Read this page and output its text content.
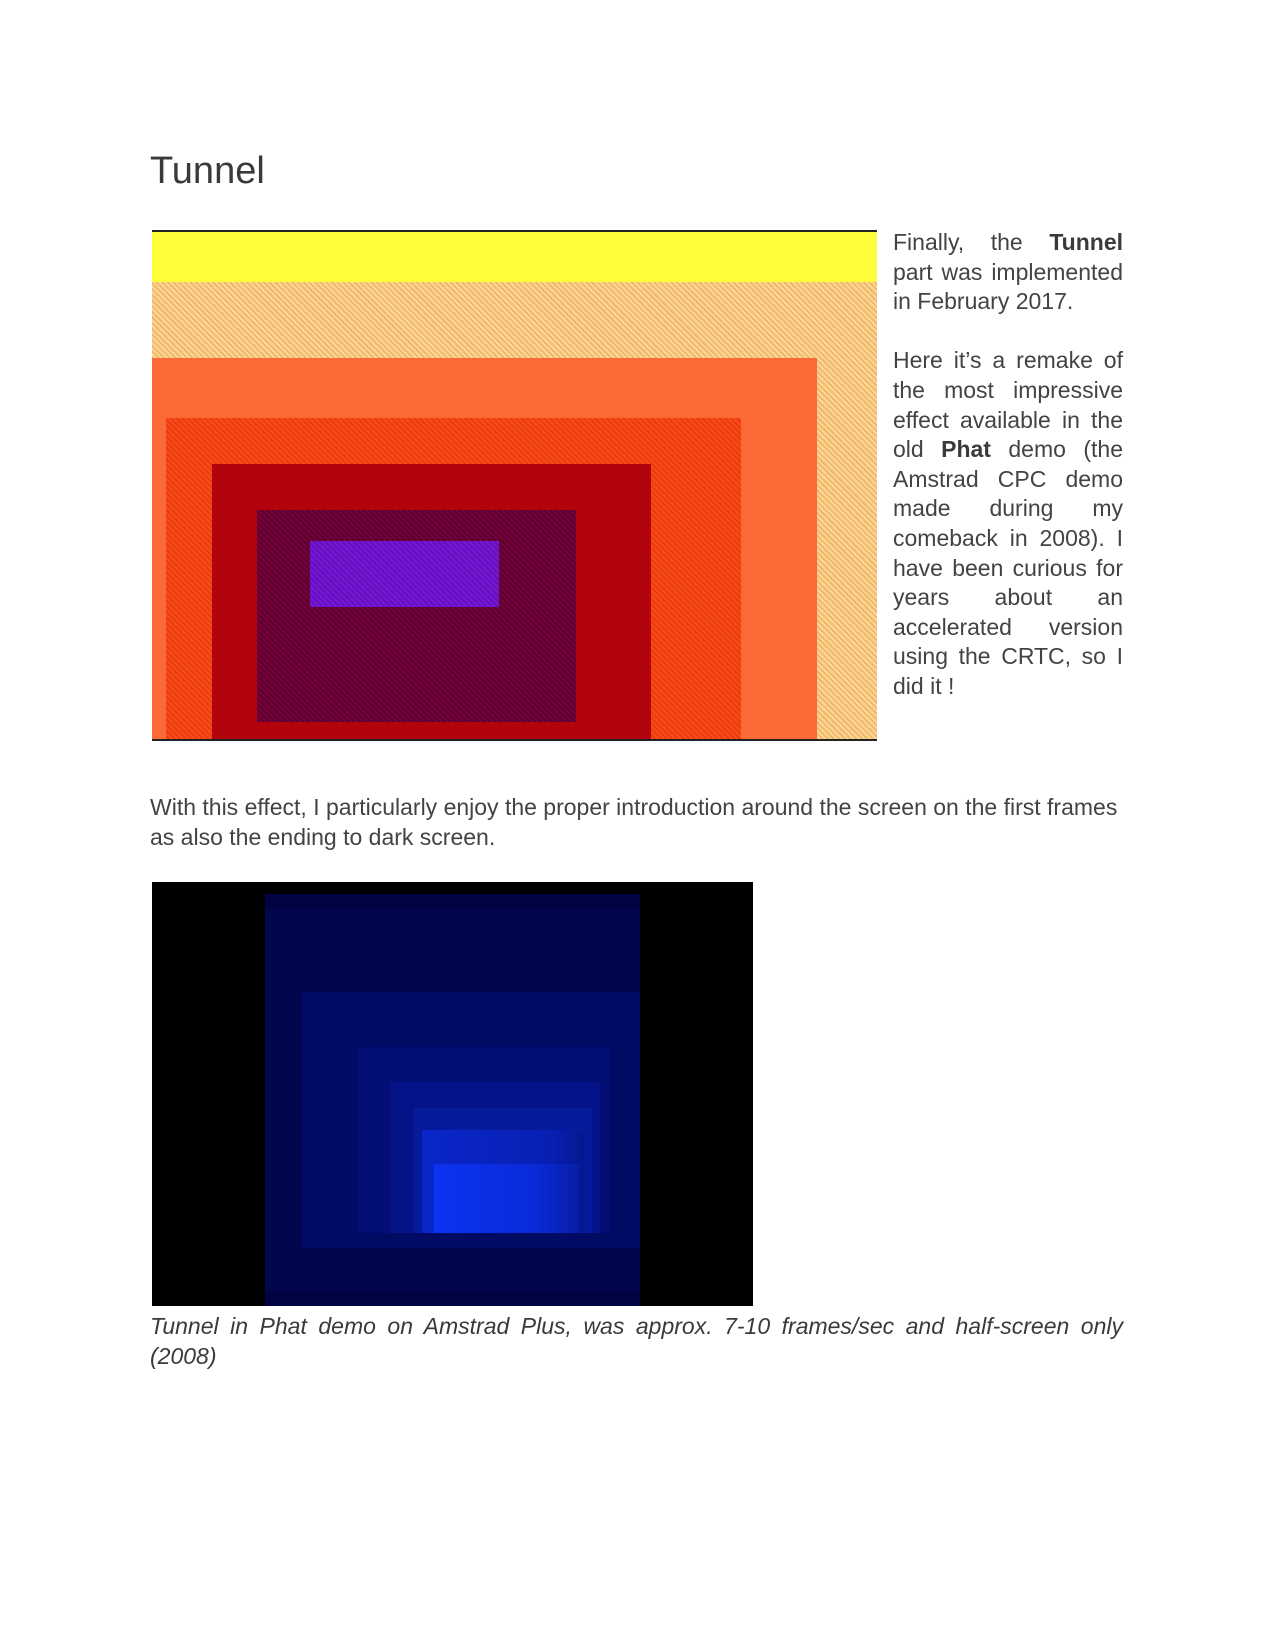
Tunnel

Finally, the Tunnel part was implemented in February 2017.

Here it’s a remake of the most impressive effect available in the old Phat demo (the Amstrad CPC demo made during my comeback in 2008). I have been curious for years about an accelerated version using the CRTC, so I did it !

With this effect, I particularly enjoy the proper introduction around the screen on the first frames as also the ending to dark screen.

Tunnel in Phat demo on Amstrad Plus, was approx. 7-10 frames/sec and half-screen only (2008)
